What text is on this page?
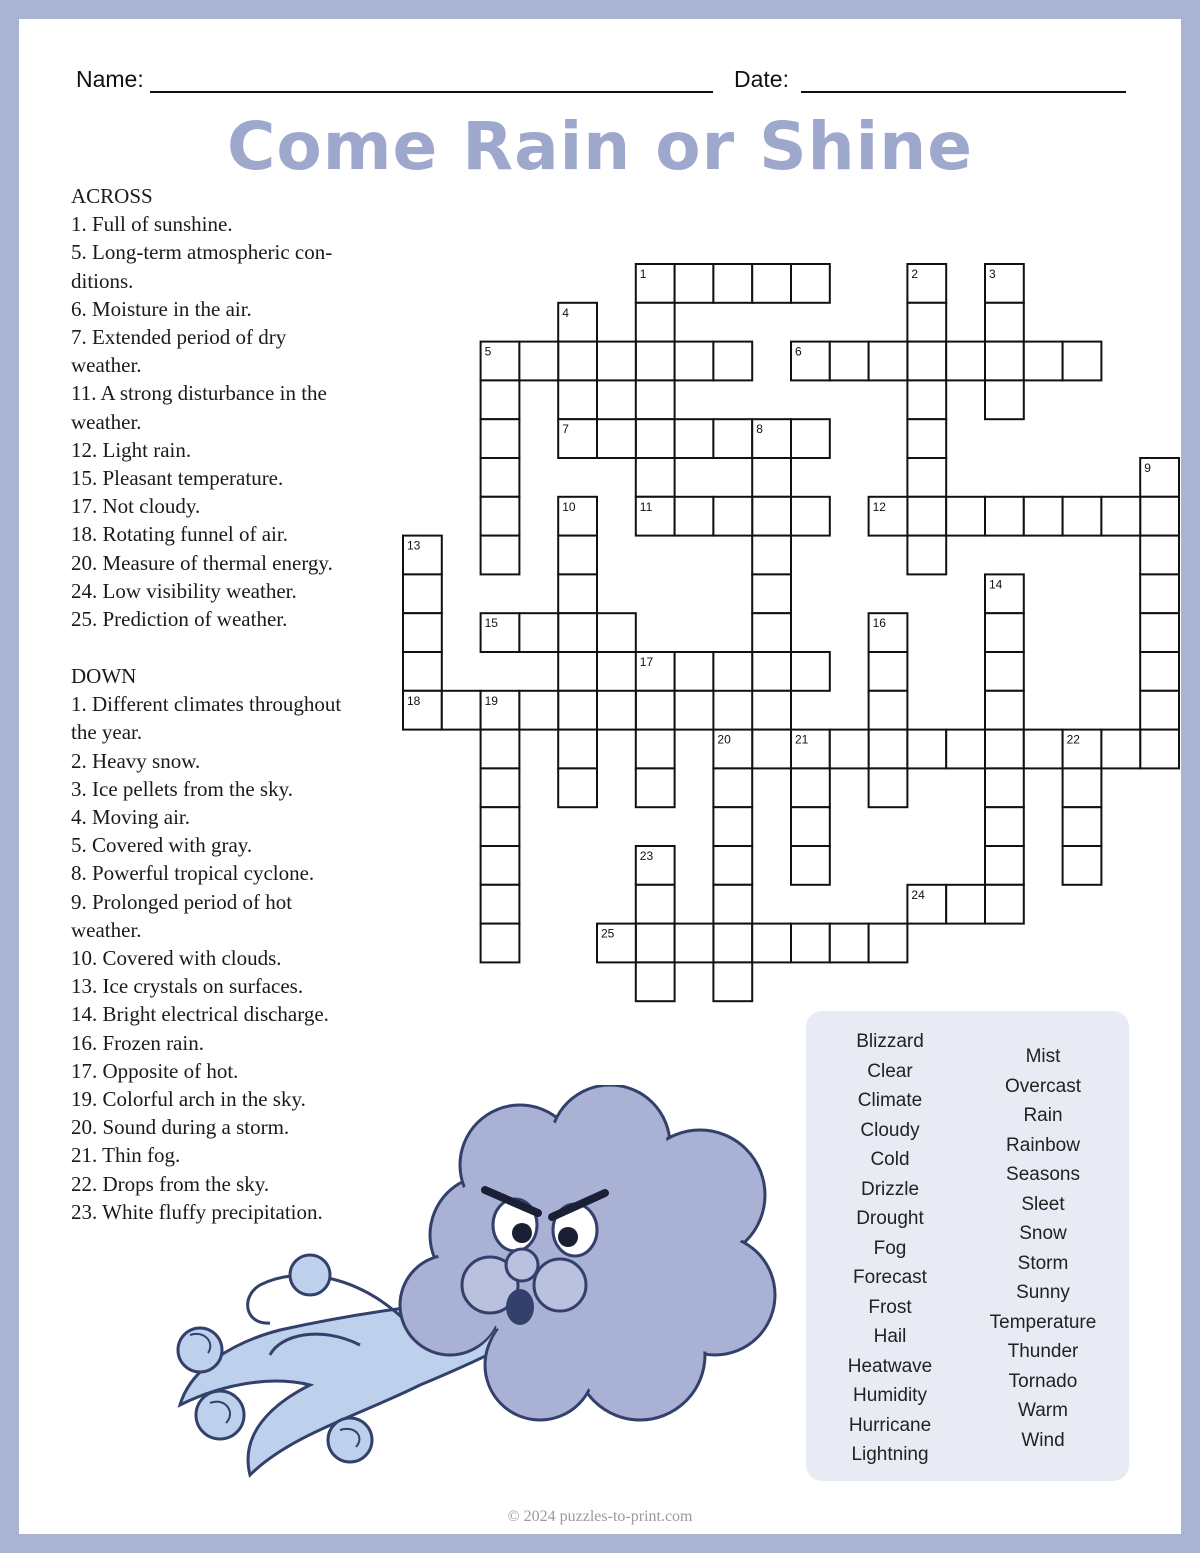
Name:	Date:
Come Rain or Shine
ACROSS
1. Full of sunshine.
5. Long-term atmospheric con-
ditions.
6. Moisture in the air.
7. Extended period of dry
weather.
11. A strong disturbance in the
weather.
12. Light rain.
15. Pleasant temperature.
17. Not cloudy.
18. Rotating funnel of air.
20. Measure of thermal energy.
24. Low visibility weather.
25. Prediction of weather.
DOWN
1. Different climates throughout
the year.
2. Heavy snow.
3. Ice pellets from the sky.
4. Moving air.
5. Covered with gray.
8. Powerful tropical cyclone.
9. Prolonged period of hot
weather.
10. Covered with clouds.
13. Ice crystals on surfaces.
14. Bright electrical discharge.
16. Frozen rain.
17. Opposite of hot.
19. Colorful arch in the sky.
20. Sound during a storm.
21. Thin fog.
22. Drops from the sky.
23. White fluffy precipitation.
1	2	3
4
5	6
7	8
9
10	11	12
13
14
15	16
17
18	19
20	21	22
23
24
25
Blizzard
Clear
Climate
Cloudy
Cold
Drizzle
Drought
Fog
Forecast
Frost
Hail
Heatwave
Humidity
Hurricane
Lightning
Mist
Overcast
Rain
Rainbow
Seasons
Sleet
Snow
Storm
Sunny
Temperature
Thunder
Tornado
Warm
Wind
© 2024 puzzles-to-print.com
